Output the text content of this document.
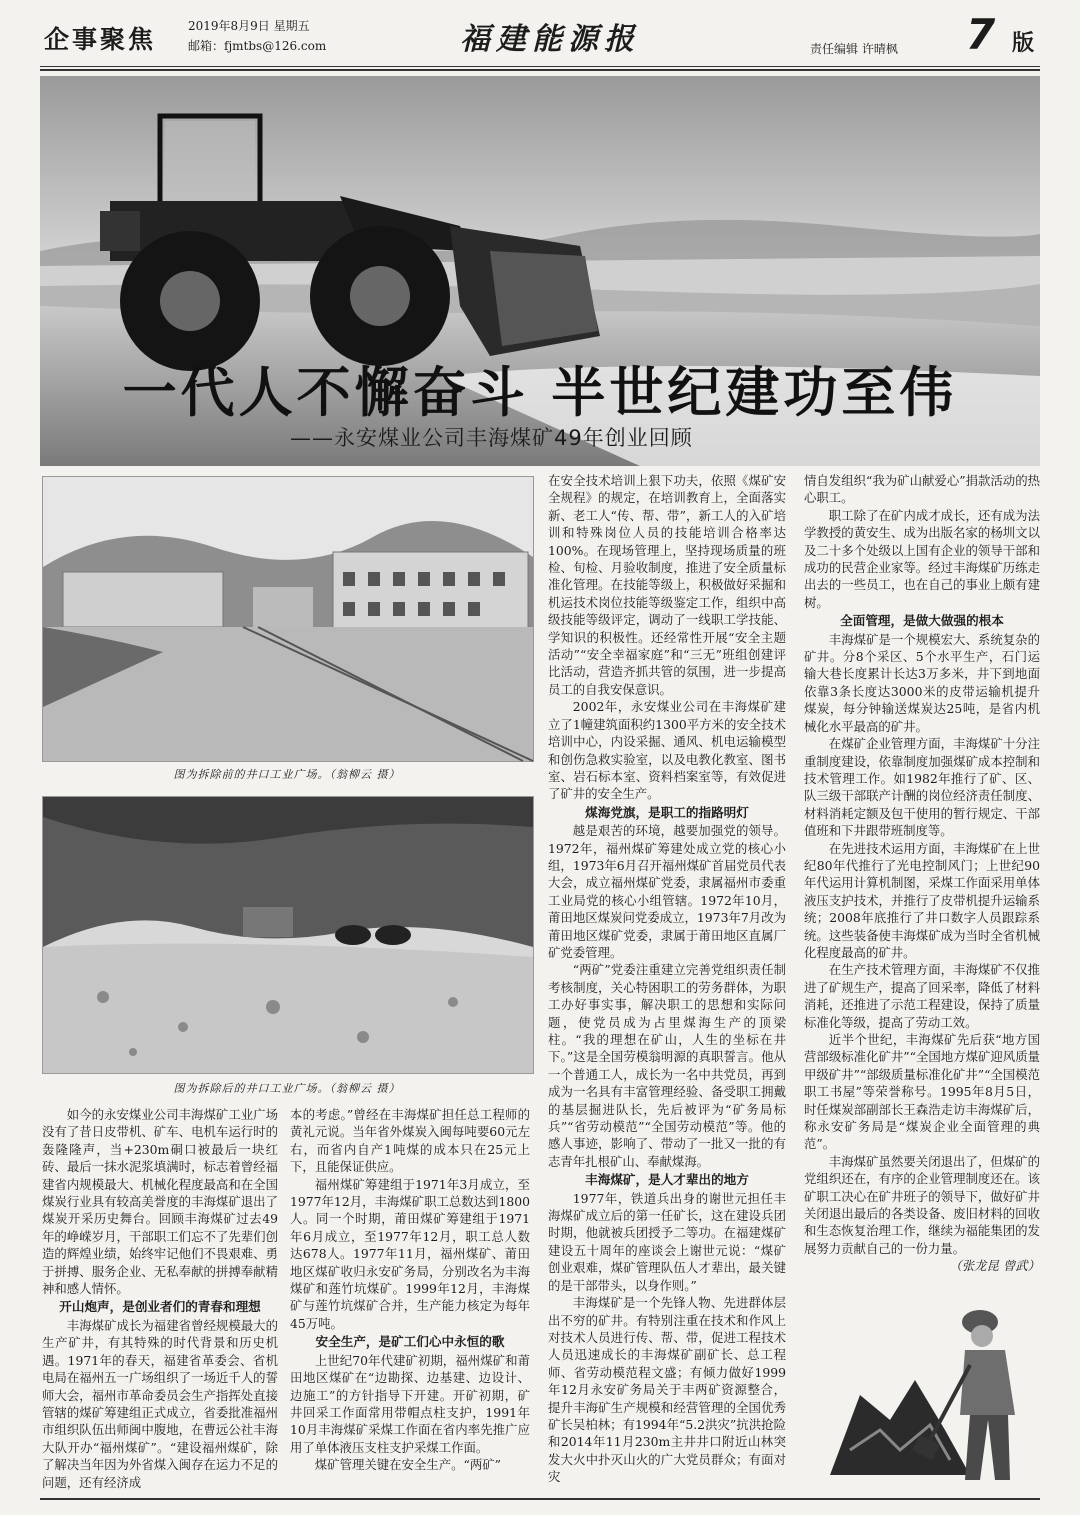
企事聚焦	2019年8月9日 星期五
邮箱：fjmtbs@126.com	福建能源报	责任编辑 许晴枫 7 版
一代人不懈奋斗 半世纪建功至伟
——永安煤业公司丰海煤矿49年创业回顾
图为拆除前的井口工业广场。（翁柳云 摄）
图为拆除后的井口工业广场。（翁柳云 摄）

如今的永安煤业公司丰海煤矿工业广场没有了昔日皮带机、矿车、电机车运行时的轰隆隆声，当+230m硐口被最后一块红砖、最后一抹水泥浆填满时，标志着曾经福建省内规模最大、机械化程度最高和在全国煤炭行业具有较高美誉度的丰海煤矿退出了煤炭开采历史舞台。回顾丰海煤矿过去49年的峥嵘岁月，干部职工们忘不了先辈们创造的辉煌业绩，始终牢记他们不畏艰难、勇于拼搏、服务企业、无私奉献的拼搏奉献精神和感人情怀。

开山炮声，是创业者们的青春和理想

丰海煤矿成长为福建省曾经规模最大的生产矿井，有其特殊的时代背景和历史机遇。1971年的春天，福建省革委会、省机电局在福州五一广场组织了一场近千人的誓师大会，福州市革命委员会生产指挥处直接管辖的煤矿筹建组正式成立，省委批准福州市组织队伍出师闽中腹地，在曹远公社丰海大队开办“福州煤矿”。“建设福州煤矿，除了解决当年因为外省煤入闽存在运力不足的问题，还有经济成

本的考虑。”曾经在丰海煤矿担任总工程师的黄礼元说。当年省外煤炭入闽每吨要60元左右，而省内自产1吨煤的成本只在25元上下，且能保证供应。

福州煤矿筹建组于1971年3月成立，至1977年12月，丰海煤矿职工总数达到1800人。同一个时期，莆田煤矿筹建组于1971年6月成立，至1977年12月，职工总人数达678人。1977年11月，福州煤矿、莆田地区煤矿收归永安矿务局，分别改名为丰海煤矿和莲竹坑煤矿。1999年12月，丰海煤矿与莲竹坑煤矿合并，生产能力核定为每年45万吨。

安全生产，是矿工们心中永恒的歌

上世纪70年代建矿初期，福州煤矿和莆田地区煤矿在“边勘探、边基建、边设计、边施工”的方针指导下开建。开矿初期，矿井回采工作面常用带帽点柱支护，1991年10月丰海煤矿采煤工作面在省内率先推广应用了单体液压支柱支护采煤工作面。

煤矿管理关键在安全生产。“两矿”

在安全技术培训上狠下功夫，依照《煤矿安全规程》的规定，在培训教育上，全面落实新、老工人“传、帮、带”，新工人的入矿培训和特殊岗位人员的技能培训合格率达100%。在现场管理上，坚持现场质量的班检、旬检、月验收制度，推进了安全质量标准化管理。在技能等级上，积极做好采掘和机运技术岗位技能等级鉴定工作，组织中高级技能等级评定，调动了一线职工学技能、学知识的积极性。还经常性开展“安全主题活动”“安全幸福家庭”和“三无”班组创建评比活动，营造齐抓共管的氛围，进一步提高员工的自我安保意识。

2002年，永安煤业公司在丰海煤矿建立了1幢建筑面积约1300平方米的安全技术培训中心，内设采掘、通风、机电运输模型和创伤急救实验室，以及电教化教室、图书室、岩石标本室、资料档案室等，有效促进了矿井的安全生产。

煤海党旗，是职工的指路明灯

越是艰苦的环境，越要加强党的领导。1972年，福州煤矿筹建处成立党的核心小组，1973年6月召开福州煤矿首届党员代表大会，成立福州煤矿党委，隶属福州市委重工业局党的核心小组管辖。1972年10月，莆田地区煤炭问党委成立，1973年7月改为莆田地区煤矿党委，隶属于莆田地区直属厂矿党委管理。

“两矿”党委注重建立完善党组织责任制考核制度，关心特困职工的劳务群体，为职工办好事实事，解决职工的思想和实际问题，使党员成为占里煤海生产的顶梁柱。“我的理想在矿山，人生的坐标在井下。”这是全国劳模翁明源的真职誓言。他从一个普通工人，成长为一名中共党员，再到成为一名具有丰富管理经验、备受职工拥戴的基层掘进队长，先后被评为“矿务局标兵”“省劳动模范”“全国劳动模范”等。他的感人事迹，影响了、带动了一批又一批的有志青年扎根矿山、奉献煤海。

丰海煤矿，是人才辈出的地方

1977年，铁道兵出身的谢世元担任丰海煤矿成立后的第一任矿长，这在建设兵团时期，他就被兵团授予二等功。在福建煤矿建设五十周年的座谈会上谢世元说：“煤矿创业艰难，煤矿管理队伍人才辈出，最关键的是干部带头，以身作则。”

丰海煤矿是一个先锋人物、先进群体层出不穷的矿井。有特别注重在技术和作风上对技术人员进行传、帮、带，促进工程技术人员迅速成长的丰海煤矿副矿长、总工程师、省劳动模范程文盛；有倾力做好1999年12月永安矿务局关于丰两矿资源整合，提升丰海矿生产规模和经营管理的全国优秀矿长吴柏林；有1994年“5.2洪灾”抗洪抢险和2014年11月230m主井井口附近山林突发大火中扑灭山火的广大党员群众；有面对灾

情自发组织“我为矿山献爱心”捐款活动的热心职工。

职工除了在矿内成才成长，还有成为法学教授的黄安生、成为出版名家的杨圳文以及二十多个处级以上国有企业的领导干部和成功的民营企业家等。经过丰海煤矿历练走出去的一些员工，也在自己的事业上颇有建树。

全面管理，是做大做强的根本

丰海煤矿是一个规模宏大、系统复杂的矿井。分8个采区、5个水平生产，石门运输大巷长度累计长达3万多米，井下到地面依靠3条长度达3000米的皮带运输机提升煤炭，每分钟输送煤炭达25吨，是省内机械化水平最高的矿井。

在煤矿企业管理方面，丰海煤矿十分注重制度建设，依靠制度加强煤矿成本控制和技术管理工作。如1982年推行了矿、区、队三级干部联产计酬的岗位经济责任制度、材料消耗定额及包干使用的暂行规定、干部值班和下井跟带班制度等。

在先进技术运用方面，丰海煤矿在上世纪80年代推行了光电控制风门；上世纪90年代运用计算机制图，采煤工作面采用单体液压支护技术，并推行了皮带机提升运输系统；2008年底推行了井口数字人员跟踪系统。这些装备使丰海煤矿成为当时全省机械化程度最高的矿井。

在生产技术管理方面，丰海煤矿不仅推进了矿规生产，提高了回采率，降低了材料消耗，还推进了示范工程建设，保持了质量标准化等级，提高了劳动工效。

近半个世纪，丰海煤矿先后获“地方国营部级标准化矿井”“全国地方煤矿迎风质量甲级矿井”“部级质量标准化矿井”“全国模范职工书屋”等荣誉称号。1995年8月5日，时任煤炭部副部长王森浩走访丰海煤矿后，称永安矿务局是“煤炭企业全面管理的典范”。

丰海煤矿虽然要关闭退出了，但煤矿的党组织还在，有序的企业管理制度还在。该矿职工决心在矿井班子的领导下，做好矿井关闭退出最后的各类设备、废旧材料的回收和生态恢复治理工作，继续为福能集团的发展努力贡献自己的一份力量。

（张龙昆 曾武）
